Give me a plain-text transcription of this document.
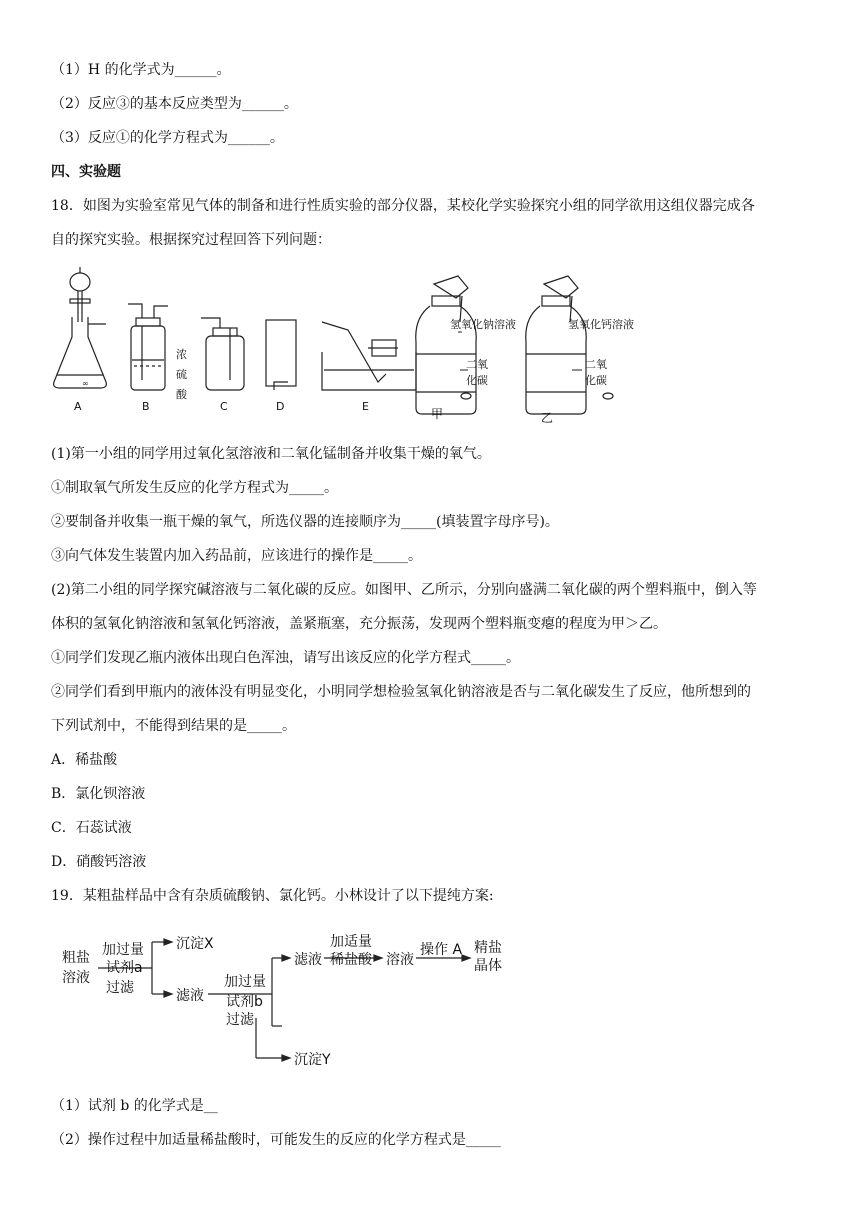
（1）H 的化学式为______。
（2）反应③的基本反应类型为______。
（3）反应①的化学方程式为______。
四、实验题
18．如图为实验室常见气体的制备和进行性质实验的部分仪器，某校化学实验探究小组的同学欲用这组仪器完成各
自的探究实验。根据探究过程回答下列问题：
∞
A	B	C	D	E
甲	乙
浓
硫
酸
氢氧化钠溶液	氢氧化钙溶液
二氧
化碳
二氧
化碳
(1)第一小组的同学用过氧化氢溶液和二氧化锰制备并收集干燥的氧气。
①制取氧气所发生反应的化学方程式为_____。
②要制备并收集一瓶干燥的氧气，所选仪器的连接顺序为_____(填装置字母序号)。
③向气体发生装置内加入药品前，应该进行的操作是_____。
(2)第二小组的同学探究碱溶液与二氧化碳的反应。如图甲、乙所示，分别向盛满二氧化碳的两个塑料瓶中，倒入等
体积的氢氧化钠溶液和氢氧化钙溶液，盖紧瓶塞，充分振荡，发现两个塑料瓶变瘪的程度为甲＞乙。
①同学们发现乙瓶内液体出现白色浑浊，请写出该反应的化学方程式_____。
②同学们看到甲瓶内的液体没有明显变化，小明同学想检验氢氧化钠溶液是否与二氧化碳发生了反应，他所想到的
下列试剂中，不能得到结果的是_____。
A．稀盐酸
B．氯化钡溶液
C．石蕊试液
D．硝酸钙溶液
19．某粗盐样品中含有杂质硫酸钠、氯化钙。小林设计了以下提纯方案:
粗盐
溶液
加过量
试剂a
过滤
沉淀X
滤液
加过量
试剂b
过滤
滤液
沉淀Y
加适量
稀盐酸 溶液
操作 A 精盐
晶体
（1）试剂 b 的化学式是__
（2）操作过程中加适量稀盐酸时，可能发生的反应的化学方程式是_____
